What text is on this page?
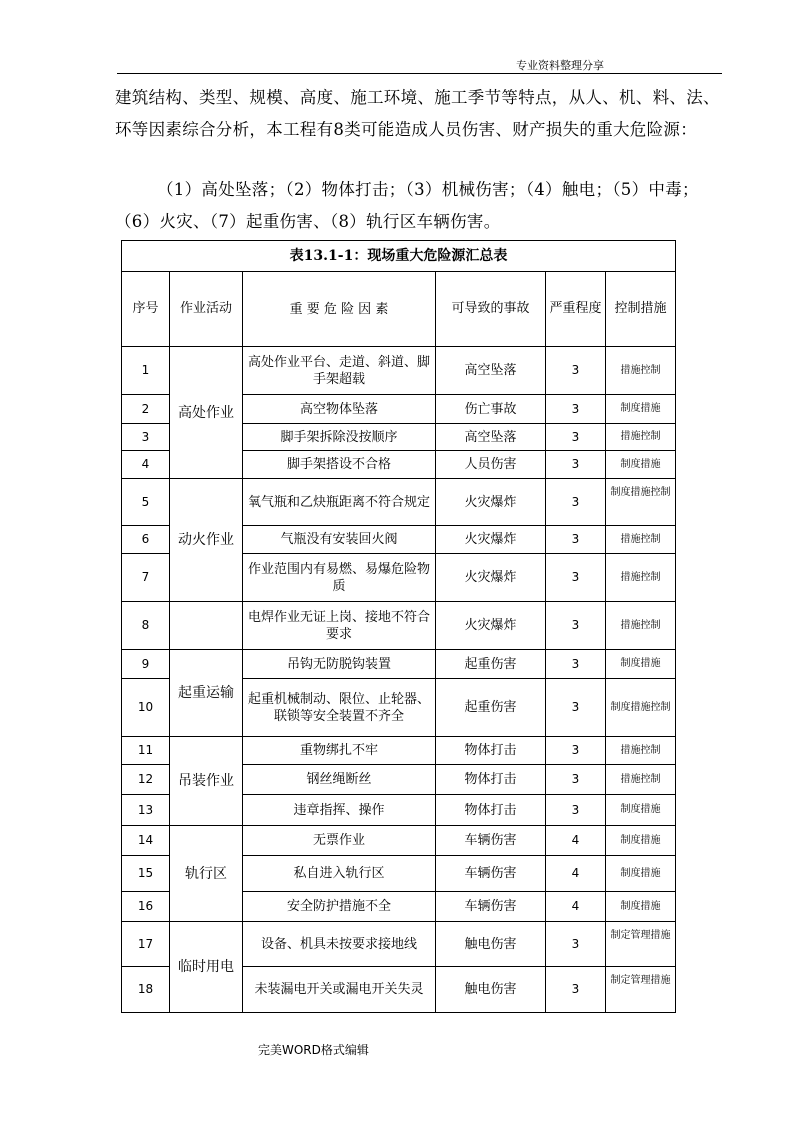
专业资料整理分享

建筑结构、类型、规模、高度、施工环境、施工季节等特点，从人、机、料、法、环等因素综合分析，本工程有8类可能造成人员伤害、财产损失的重大危险源：

（1）高处坠落；（2）物体打击；（3）机械伤害；（4）触电；（5）中毒；（6）火灾、（7）起重伤害、（8）轨行区车辆伤害。

表13.1-1：现场重大危险源汇总表					
序号	作业活动	重 要 危 险 因 素	可导致的事故	严重程度	控制措施
1	高处作业	高处作业平台、走道、斜道、脚手架超载	高空坠落	3	措施控制
2		高空物体坠落	伤亡事故	3	制度措施
3		脚手架拆除没按顺序	高空坠落	3	措施控制
4		脚手架搭设不合格	人员伤害	3	制度措施
5	动火作业	氧气瓶和乙炔瓶距离不符合规定	火灾爆炸	3	制度措施控制
6		气瓶没有安装回火阀	火灾爆炸	3	措施控制
7		作业范围内有易燃、易爆危险物质	火灾爆炸	3	措施控制
8		电焊作业无证上岗、接地不符合要求	火灾爆炸	3	措施控制
9	起重运输	吊钩无防脱钩装置	起重伤害	3	制度措施
10		起重机械制动、限位、止轮器、联锁等安全装置不齐全	起重伤害	3	制度措施控制
11	吊装作业	重物绑扎不牢	物体打击	3	措施控制
12		钢丝绳断丝	物体打击	3	措施控制
13		违章指挥、操作	物体打击	3	制度措施
14	轨行区	无票作业	车辆伤害	4	制度措施
15		私自进入轨行区	车辆伤害	4	制度措施
16		安全防护措施不全	车辆伤害	4	制度措施
17	临时用电	设备、机具未按要求接地线	触电伤害	3	制定管理措施
18		未装漏电开关或漏电开关失灵	触电伤害	3	制定管理措施
完美WORD格式编辑
